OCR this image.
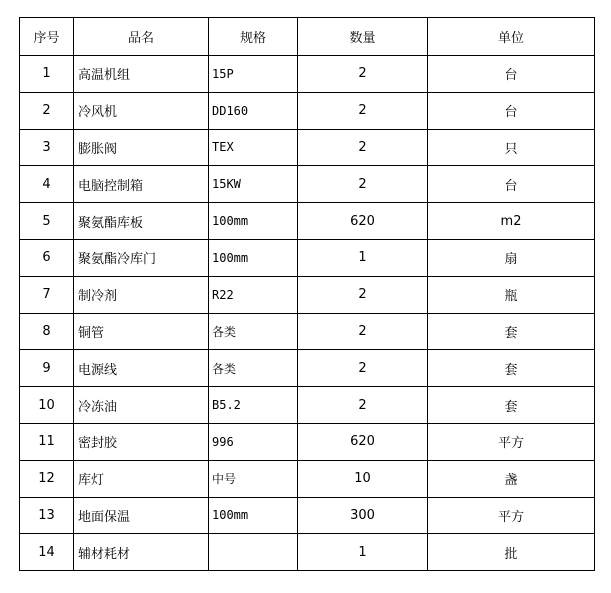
序号	品名	规格	数量	单位
1	高温机组	15P	2	台
2	冷风机	DD160	2	台
3	膨胀阀	TEX	2	只
4	电脑控制箱	15KW	2	台
5	聚氨酯库板	100mm	620	m2
6	聚氨酯冷库门	100mm	1	扇
7	制冷剂	R22	2	瓶
8	铜管	各类	2	套
9	电源线	各类	2	套
10	冷冻油	B5.2	2	套
11	密封胶	996	620	平方
12	库灯	中号	10	盏
13	地面保温	100mm	300	平方
14	辅材耗材		1	批
